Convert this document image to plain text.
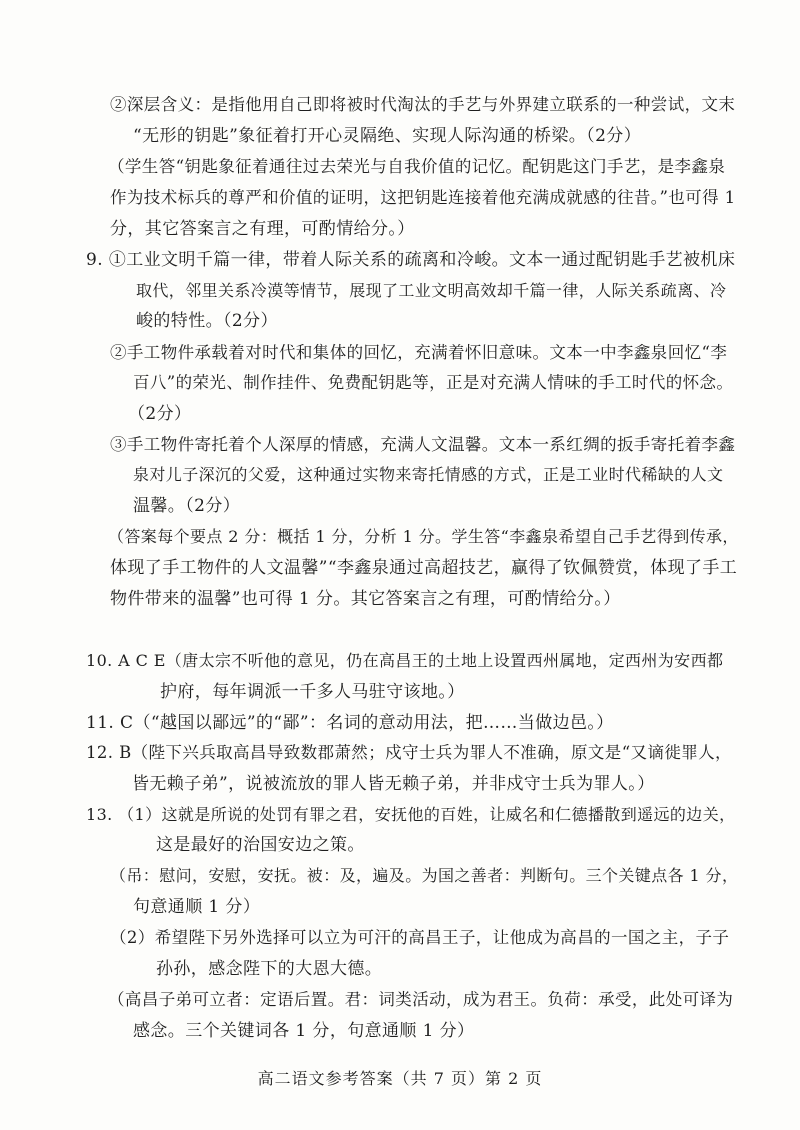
②深层含义：是指他用自己即将被时代淘汰的手艺与外界建立联系的一种尝试，文末
“无形的钥匙”象征着打开心灵隔绝、实现人际沟通的桥梁。（2分）
（学生答“钥匙象征着通往过去荣光与自我价值的记忆。配钥匙这门手艺，是李鑫泉
作为技术标兵的尊严和价值的证明，这把钥匙连接着他充满成就感的往昔。”也可得 1
分，其它答案言之有理，可酌情给分。）
9. ①工业文明千篇一律，带着人际关系的疏离和冷峻。文本一通过配钥匙手艺被机床
取代，邻里关系冷漠等情节，展现了工业文明高效却千篇一律，人际关系疏离、冷
峻的特性。（2分）
②手工物件承载着对时代和集体的回忆，充满着怀旧意味。文本一中李鑫泉回忆“李
百八”的荣光、制作挂件、免费配钥匙等，正是对充满人情味的手工时代的怀念。
（2分）
③手工物件寄托着个人深厚的情感，充满人文温馨。文本一系红绸的扳手寄托着李鑫
泉对儿子深沉的父爱，这种通过实物来寄托情感的方式，正是工业时代稀缺的人文
温馨。（2分）
（答案每个要点 2 分：概括 1 分，分析 1 分。学生答“李鑫泉希望自己手艺得到传承，
体现了手工物件的人文温馨”“李鑫泉通过高超技艺，赢得了钦佩赞赏，体现了手工
物件带来的温馨”也可得 1 分。其它答案言之有理，可酌情给分。）
10. A C E（唐太宗不听他的意见，仍在高昌王的土地上设置西州属地，定西州为安西都
护府，每年调派一千多人马驻守该地。）
11. C（“越国以鄙远”的“鄙”：名词的意动用法，把……当做边邑。）
12. B（陛下兴兵取高昌导致数郡萧然；戍守士兵为罪人不准确，原文是“又谪徙罪人，
皆无赖子弟”，说被流放的罪人皆无赖子弟，并非戍守士兵为罪人。）
13. （1）这就是所说的处罚有罪之君，安抚他的百姓，让威名和仁德播散到遥远的边关，
这是最好的治国安边之策。
（吊：慰问，安慰，安抚。被：及，遍及。为国之善者：判断句。三个关键点各 1 分，
句意通顺 1 分）
（2）希望陛下另外选择可以立为可汗的高昌王子，让他成为高昌的一国之主，子子
孙孙，感念陛下的大恩大德。
（高昌子弟可立者：定语后置。君：词类活动，成为君王。负荷：承受，此处可译为
感念。三个关键词各 1 分，句意通顺 1 分）
高二语文参考答案（共 7 页）第 2 页
